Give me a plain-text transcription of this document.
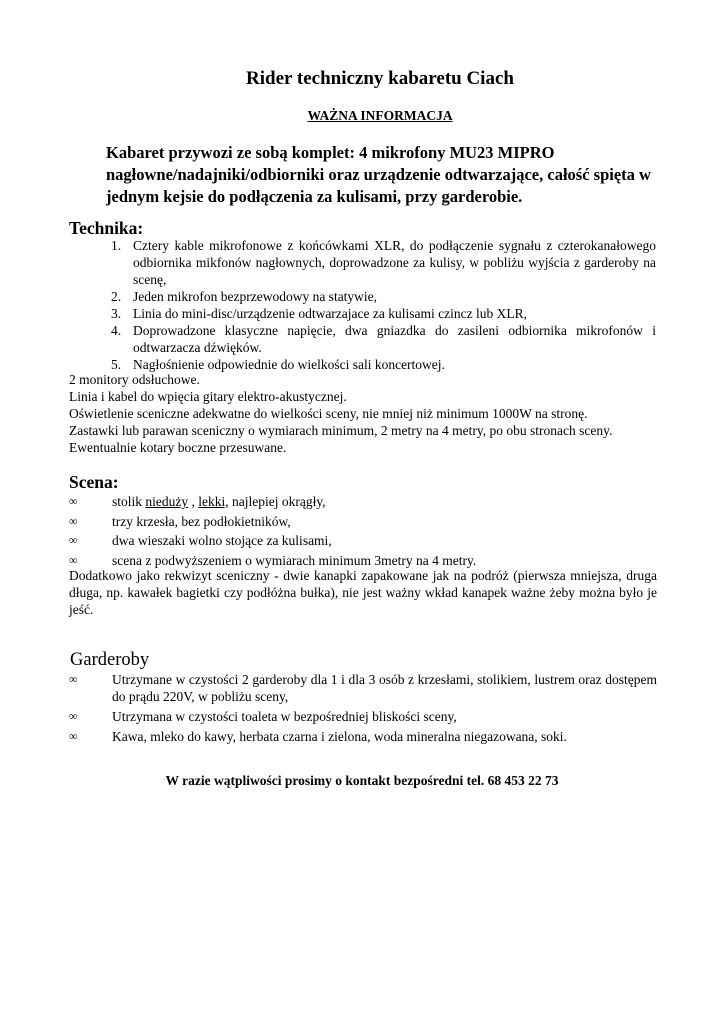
Rider techniczny kabaretu Ciach
WAŻNA INFORMACJA
Kabaret przywozi ze sobą komplet: 4 mikrofony MU23 MIPRO nagłowne/nadajniki/odbiorniki oraz urządzenie odtwarzające, całość spięta w jednym kejsie do podłączenia za kulisami, przy garderobie.
Technika:
1. Cztery kable mikrofonowe z końcówkami XLR, do podłączenie sygnału z czterokanałowego odbiornika mikfonów nagłownych, doprowadzone za kulisy, w pobliżu wyjścia z garderoby na scenę,
2. Jeden mikrofon bezprzewodowy na statywie,
3. Linia do mini-disc/urządzenie odtwarzajace za kulisami czincz lub XLR,
4. Doprowadzone klasyczne napięcie, dwa gniazdka do zasileni odbiornika mikrofonów i odtwarzacza dźwięków.
5. Nagłośnienie odpowiednie do wielkości sali koncertowej.

2 monitory odsłuchowe.

Linia i kabel do wpięcia gitary elektro-akustycznej.

Oświetlenie sceniczne adekwatne do wielkości sceny, nie mniej niż minimum 1000W na stronę.

Zastawki lub parawan sceniczny o wymiarach minimum, 2 metry na 4 metry, po obu stronach sceny. Ewentualnie kotary boczne przesuwane.

Scena:
∞	stolik nieduży , lekki, najlepiej okrągły,
∞	trzy krzesła, bez podłokietników,
∞	dwa wieszaki wolno stojące za kulisami,
∞	scena z podwyższeniem o wymiarach minimum 3metry na 4 metry.
Dodatkowo jako rekwizyt sceniczny - dwie kanapki zapakowane jak na podróż (pierwsza mniejsza, druga długa, np. kawałek bagietki czy podłóżna bułka), nie jest ważny wkład kanapek ważne żeby można było je jeść.
Garderoby
∞	Utrzymane w czystości 2 garderoby dla 1 i dla 3 osób z krzesłami, stolikiem, lustrem oraz dostępem do prądu 220V, w pobliżu sceny,
∞	Utrzymana w czystości toaleta w bezpośredniej bliskości sceny,
∞	Kawa, mleko do kawy, herbata czarna i zielona, woda mineralna niegazowana, soki.
W razie wątpliwości prosimy o kontakt bezpośredni tel. 68 453 22 73
